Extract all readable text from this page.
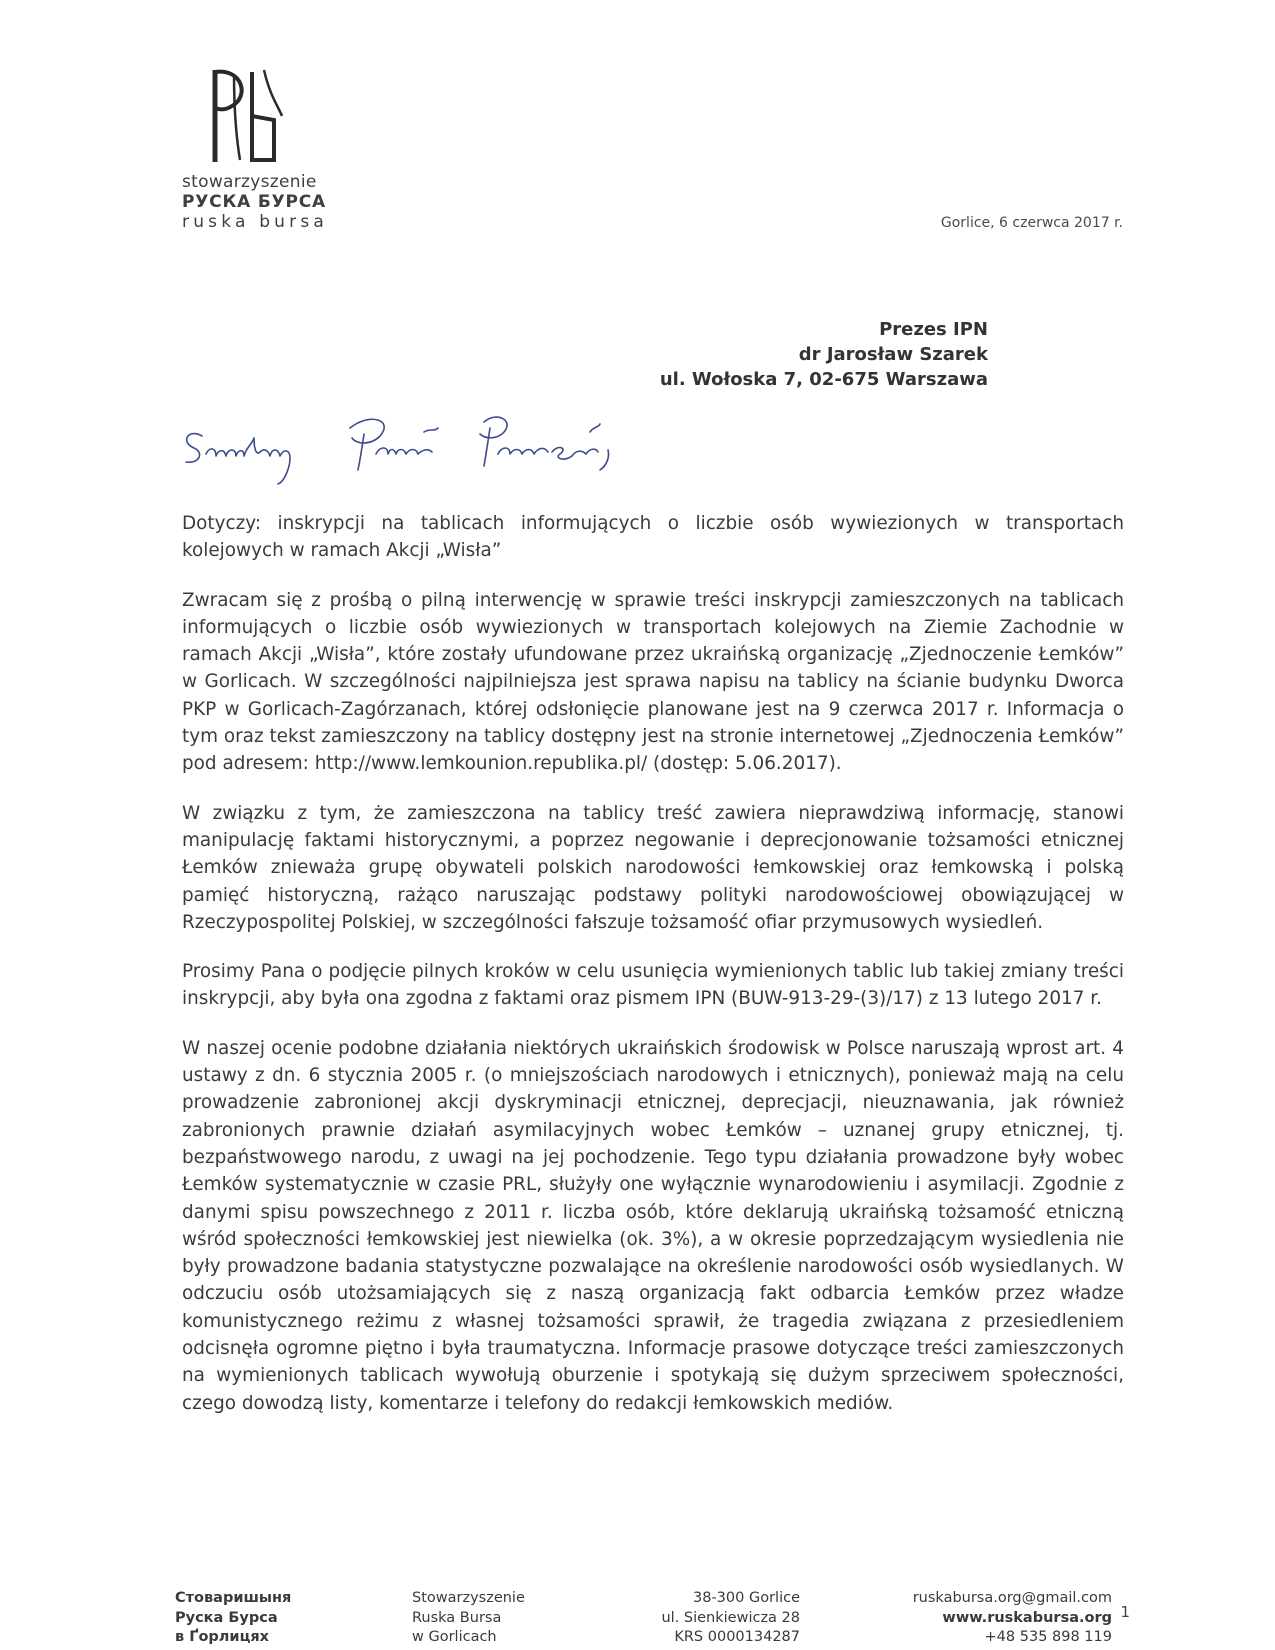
stowarzyszenie
РУСКА БУРСА
ruska bursa	Gorlice, 6 czerwca 2017 r.
Prezes IPN
dr Jarosław Szarek
ul. Wołoska 7, 02-675 Warszawa

Dotyczy: inskrypcji na tablicach informujących o liczbie osób wywiezionych w transportach kolejowych w ramach Akcji „Wisła”

Zwracam się z prośbą o pilną interwencję w sprawie treści inskrypcji zamieszczonych na tablicach informujących o liczbie osób wywiezionych w transportach kolejowych na Ziemie Zachodnie w ramach Akcji „Wisła”, które zostały ufundowane przez ukraińską organizację „Zjednoczenie Łemków” w Gorlicach. W szczególności najpilniejsza jest sprawa napisu na tablicy na ścianie budynku Dworca PKP w Gorlicach-Zagórzanach, której odsłonięcie planowane jest na 9 czerwca 2017 r. Informacja o tym oraz tekst zamieszczony na tablicy dostępny jest na stronie internetowej „Zjednoczenia Łemków” pod adresem: http://www.lemkounion.republika.pl/ (dostęp: 5.06.2017).

W związku z tym, że zamieszczona na tablicy treść zawiera nieprawdziwą informację, stanowi manipulację faktami historycznymi, a poprzez negowanie i deprecjonowanie tożsamości etnicznej Łemków znieważa grupę obywateli polskich narodowości łemkowskiej oraz łemkowską i polską pamięć historyczną, rażąco naruszając podstawy polityki narodowościowej obowiązującej w Rzeczypospolitej Polskiej, w szczególności fałszuje tożsamość ofiar przymusowych wysiedleń.

Prosimy Pana o podjęcie pilnych kroków w celu usunięcia wymienionych tablic lub takiej zmiany treści inskrypcji, aby była ona zgodna z faktami oraz pismem IPN (BUW-913-29-(3)/17) z 13 lutego 2017 r.

W naszej ocenie podobne działania niektórych ukraińskich środowisk w Polsce naruszają wprost art. 4 ustawy z dn. 6 stycznia 2005 r. (o mniejszościach narodowych i etnicznych), ponieważ mają na celu prowadzenie zabronionej akcji dyskryminacji etnicznej, deprecjacji, nieuznawania, jak również zabronionych prawnie działań asymilacyjnych wobec Łemków – uznanej grupy etnicznej, tj. bezpaństwowego narodu, z uwagi na jej pochodzenie. Tego typu działania prowadzone były wobec Łemków systematycznie w czasie PRL, służyły one wyłącznie wynarodowieniu i asymilacji. Zgodnie z danymi spisu powszechnego z 2011 r. liczba osób, które deklarują ukraińską tożsamość etniczną wśród społeczności łemkowskiej jest niewielka (ok. 3%), a w okresie poprzedzającym wysiedlenia nie były prowadzone badania statystyczne pozwalające na określenie narodowości osób wysiedlanych. W odczuciu osób utożsamiających się z naszą organizacją fakt odbarcia Łemków przez władze komunistycznego reżimu z własnej tożsamości sprawił, że tragedia związana z przesiedleniem odcisnęła ogromne piętno i była traumatyczna. Informacje prasowe dotyczące treści zamieszczonych na wymienionych tablicach wywołują oburzenie i spotykają się dużym sprzeciwem społeczności, czego dowodzą listy, komentarze i telefony do redakcji łemkowskich mediów.

Стоваришыня
Руска Бурса
в Ґорлицях
Stowarzyszenie
Ruska Bursa
w Gorlicach
38-300 Gorlice
ul. Sienkiewicza 28
KRS 0000134287
ruskabursa.org@gmail.com
www.ruskabursa.org
+48 535 898 119
1
